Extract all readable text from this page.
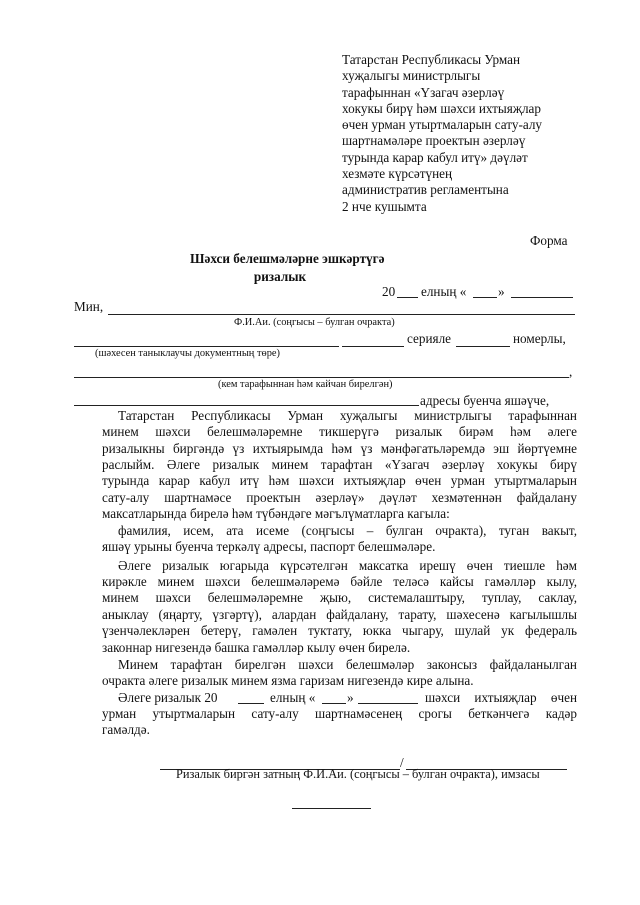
Татарстан Республикасы Урман
хуҗалыгы министрлыгы
тарафыннан «Үзагач әзерләү
хокукы бирү һәм шәхси ихтыяҗлар
өчен урман утыртмаларын сату-алу
шартнамәләре проектын әзерләү
турында карар кабул итү» дәүләт
хезмәте күрсәтүнең
административ регламентына
2 нче кушымта
Форма
Шәхси белешмәләрне эшкәртүгә
ризалык
20 елның « »
Мин,
Ф.И.Аи. (соңгысы – булган очракта)
серияле	номерлы,
(шәхесен таныклаучы документның төре)
,
(кем тарафыннан һәм кайчан бирелгән)
адресы буенча яшәүче,
Татарстан Республикасы Урман хуҗалыгы министрлыгы тарафыннан
минем шәхси белешмәләремне тикшерүгә ризалык бирәм һәм әлеге
ризалыкны биргәндә үз ихтыярымда һәм үз мәнфәгатьләремдә эш йөртүемне
раслыйм. Әлеге ризалык минем тарафтан «Үзагач әзерләү хокукы бирү
турында карар кабул итү һәм шәхси ихтыяҗлар өчен урман утыртмаларын
сату-алу шартнамәсе проектын әзерләү» дәүләт хезмәтеннән файдалану
максатларында бирелә һәм түбәндәге мәгълүматларга кагыла:
фамилия, исем, ата исеме (соңгысы – булган очракта), туган вакыт,
яшәү урыны буенча теркәлү адресы, паспорт белешмәләре.
Әлеге ризалык югарыда күрсәтелгән максатка ирешү өчен тиешле һәм
кирәкле минем шәхси белешмәләремә бәйле теләсә кайсы гамәлләр кылу,
минем шәхси белешмәләремне җыю, системалаштыру, туплау, саклау,
аныклау (яңарту, үзгәртү), алардан файдалану, тарату, шәхесенә кагылышлы
үзенчәлекләрен бетерү, гамәлен туктату, юкка чыгару, шулай ук федераль
законнар нигезендә башка гамәлләр кылу өчен бирелә.
Минем тарафтан бирелгән шәхси белешмәләр законсыз файдаланылган
очракта әлеге ризалык минем язма гаризам нигезендә кире алына.
Әлеге ризалык 20	елның « »	шәхси ихтыяҗлар өчен
урман утыртмаларын сату-алу шартнамәсенең срогы беткәнчегә кадәр
гамәлдә.
/
Ризалык биргән затның Ф.И.Аи. (соңгысы – булган очракта), имзасы
